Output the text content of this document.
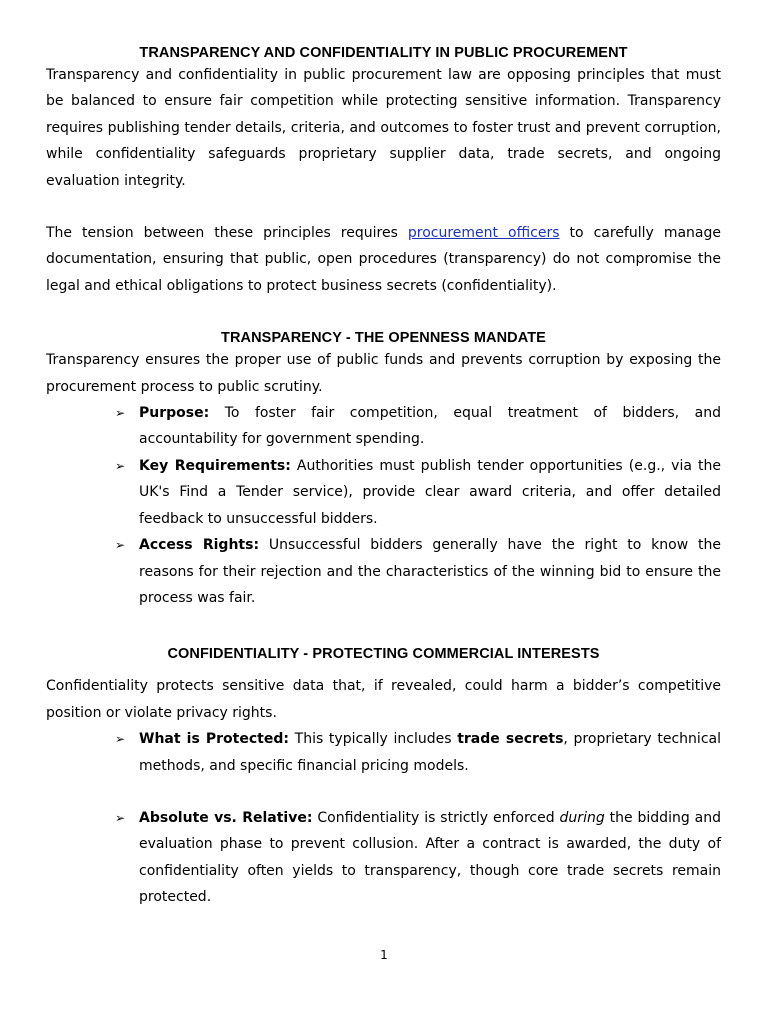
TRANSPARENCY AND CONFIDENTIALITY IN PUBLIC PROCUREMENT

Transparency and confidentiality in public procurement law are opposing principles that must be balanced to ensure fair competition while protecting sensitive information. Transparency requires publishing tender details, criteria, and outcomes to foster trust and prevent corruption, while confidentiality safeguards proprietary supplier data, trade secrets, and ongoing evaluation integrity.

The tension between these principles requires procurement officers to carefully manage documentation, ensuring that public, open procedures (transparency) do not compromise the legal and ethical obligations to protect business secrets (confidentiality).

TRANSPARENCY - THE OPENNESS MANDATE

Transparency ensures the proper use of public funds and prevents corruption by exposing the procurement process to public scrutiny.

➢ Purpose: To foster fair competition, equal treatment of bidders, and accountability for government spending.
➢ Key Requirements: Authorities must publish tender opportunities (e.g., via the UK's Find a Tender service), provide clear award criteria, and offer detailed feedback to unsuccessful bidders.
➢ Access Rights: Unsuccessful bidders generally have the right to know the reasons for their rejection and the characteristics of the winning bid to ensure the process was fair.
CONFIDENTIALITY - PROTECTING COMMERCIAL INTERESTS

Confidentiality protects sensitive data that, if revealed, could harm a bidder’s competitive position or violate privacy rights.

➢ What is Protected: This typically includes trade secrets, proprietary technical methods, and specific financial pricing models.
➢ Absolute vs. Relative: Confidentiality is strictly enforced during the bidding and evaluation phase to prevent collusion. After a contract is awarded, the duty of confidentiality often yields to transparency, though core trade secrets remain protected.
1
